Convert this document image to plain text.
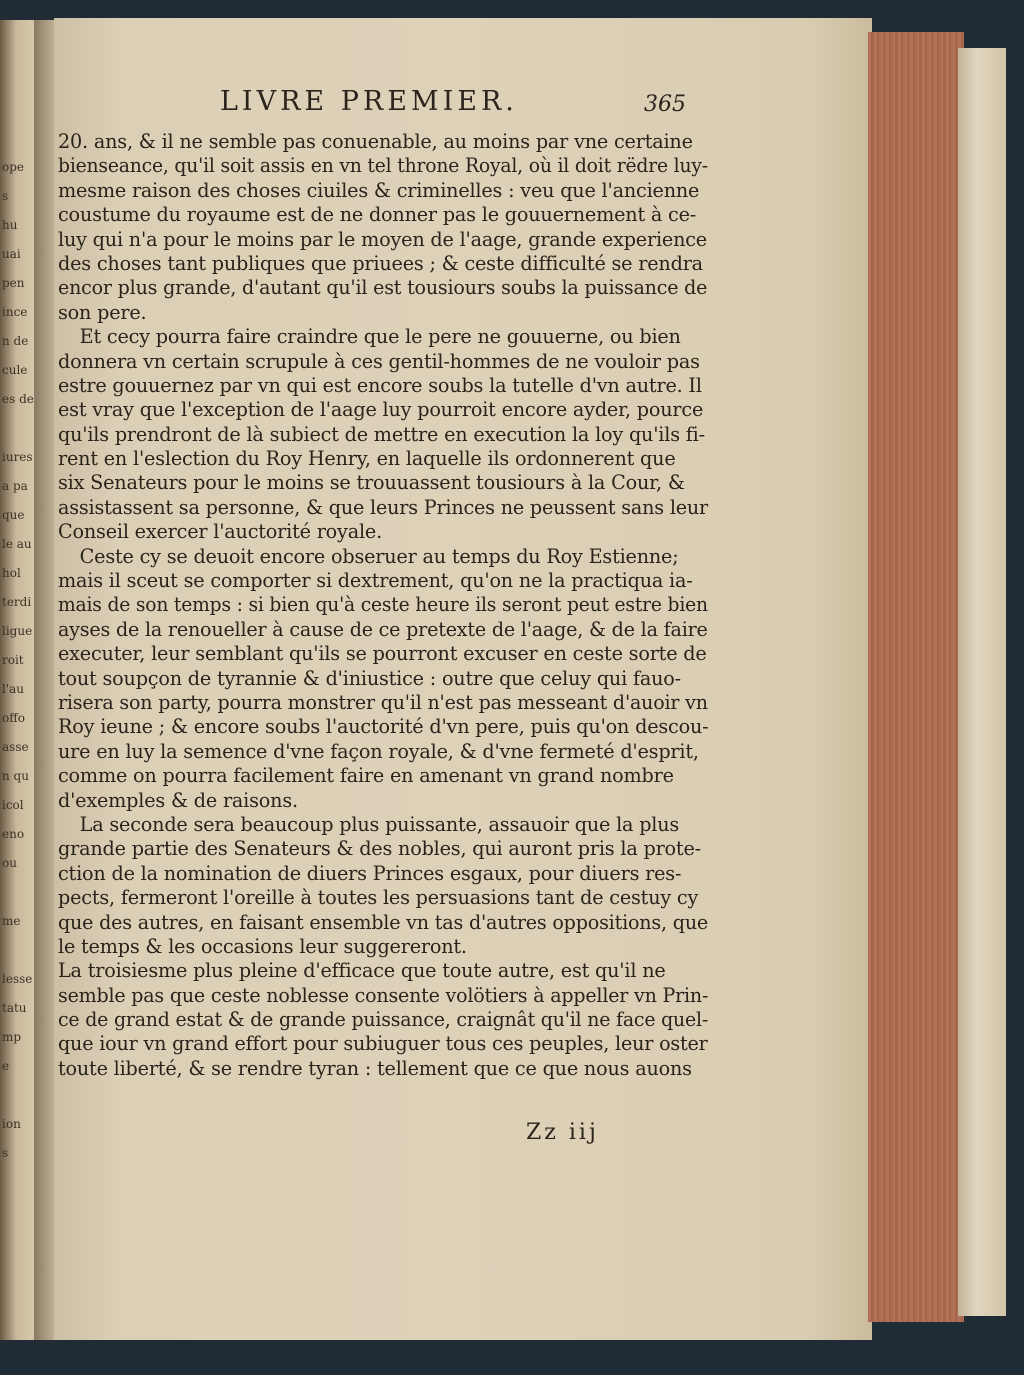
ope
s
hu
uai
pen
ince
n de
cule
es de
iures
a pa
que
le au
hol
terdi
ligue
roit
l'au
offo
asse
n qu
icol
eno
ou
me
lesse
tatu
mp
e
ion
s
LIVRE PREMIER.	365
20. ans, & il ne semble pas conuenable, au moins par vne certaine
bienseance, qu'il soit assis en vn tel throne Royal, où il doit rëdre luy-
mesme raison des choses ciuiles & criminelles : veu que l'ancienne
coustume du royaume est de ne donner pas le gouuernement à ce-
luy qui n'a pour le moins par le moyen de l'aage, grande experience
des choses tant publiques que priuees ; & ceste difficulté se rendra
encor plus grande, d'autant qu'il est tousiours soubs la puissance de
son pere.
Et cecy pourra faire craindre que le pere ne gouuerne, ou bien
donnera vn certain scrupule à ces gentil-hommes de ne vouloir pas
estre gouuernez par vn qui est encore soubs la tutelle d'vn autre. Il
est vray que l'exception de l'aage luy pourroit encore ayder, pource
qu'ils prendront de là subiect de mettre en execution la loy qu'ils fi-
rent en l'eslection du Roy Henry, en laquelle ils ordonnerent que
six Senateurs pour le moins se trouuassent tousiours à la Cour, &
assistassent sa personne, & que leurs Princes ne peussent sans leur
Conseil exercer l'auctorité royale.
Ceste cy se deuoit encore obseruer au temps du Roy Estienne;
mais il sceut se comporter si dextrement, qu'on ne la practiqua ia-
mais de son temps : si bien qu'à ceste heure ils seront peut estre bien
ayses de la renoueller à cause de ce pretexte de l'aage, & de la faire
executer, leur semblant qu'ils se pourront excuser en ceste sorte de
tout soupçon de tyrannie & d'iniustice : outre que celuy qui fauo-
risera son party, pourra monstrer qu'il n'est pas messeant d'auoir vn
Roy ieune ; & encore soubs l'auctorité d'vn pere, puis qu'on descou-
ure en luy la semence d'vne façon royale, & d'vne fermeté d'esprit,
comme on pourra facilement faire en amenant vn grand nombre
d'exemples & de raisons.
La seconde sera beaucoup plus puissante, assauoir que la plus
grande partie des Senateurs & des nobles, qui auront pris la prote-
ction de la nomination de diuers Princes esgaux, pour diuers res-
pects, fermeront l'oreille à toutes les persuasions tant de cestuy cy
que des autres, en faisant ensemble vn tas d'autres oppositions, que
le temps & les occasions leur suggereront.
La troisiesme plus pleine d'efficace que toute autre, est qu'il ne
semble pas que ceste noblesse consente volötiers à appeller vn Prin-
ce de grand estat & de grande puissance, craignât qu'il ne face quel-
que iour vn grand effort pour subiuguer tous ces peuples, leur oster
toute liberté, & se rendre tyran : tellement que ce que nous auons
Zz iij
